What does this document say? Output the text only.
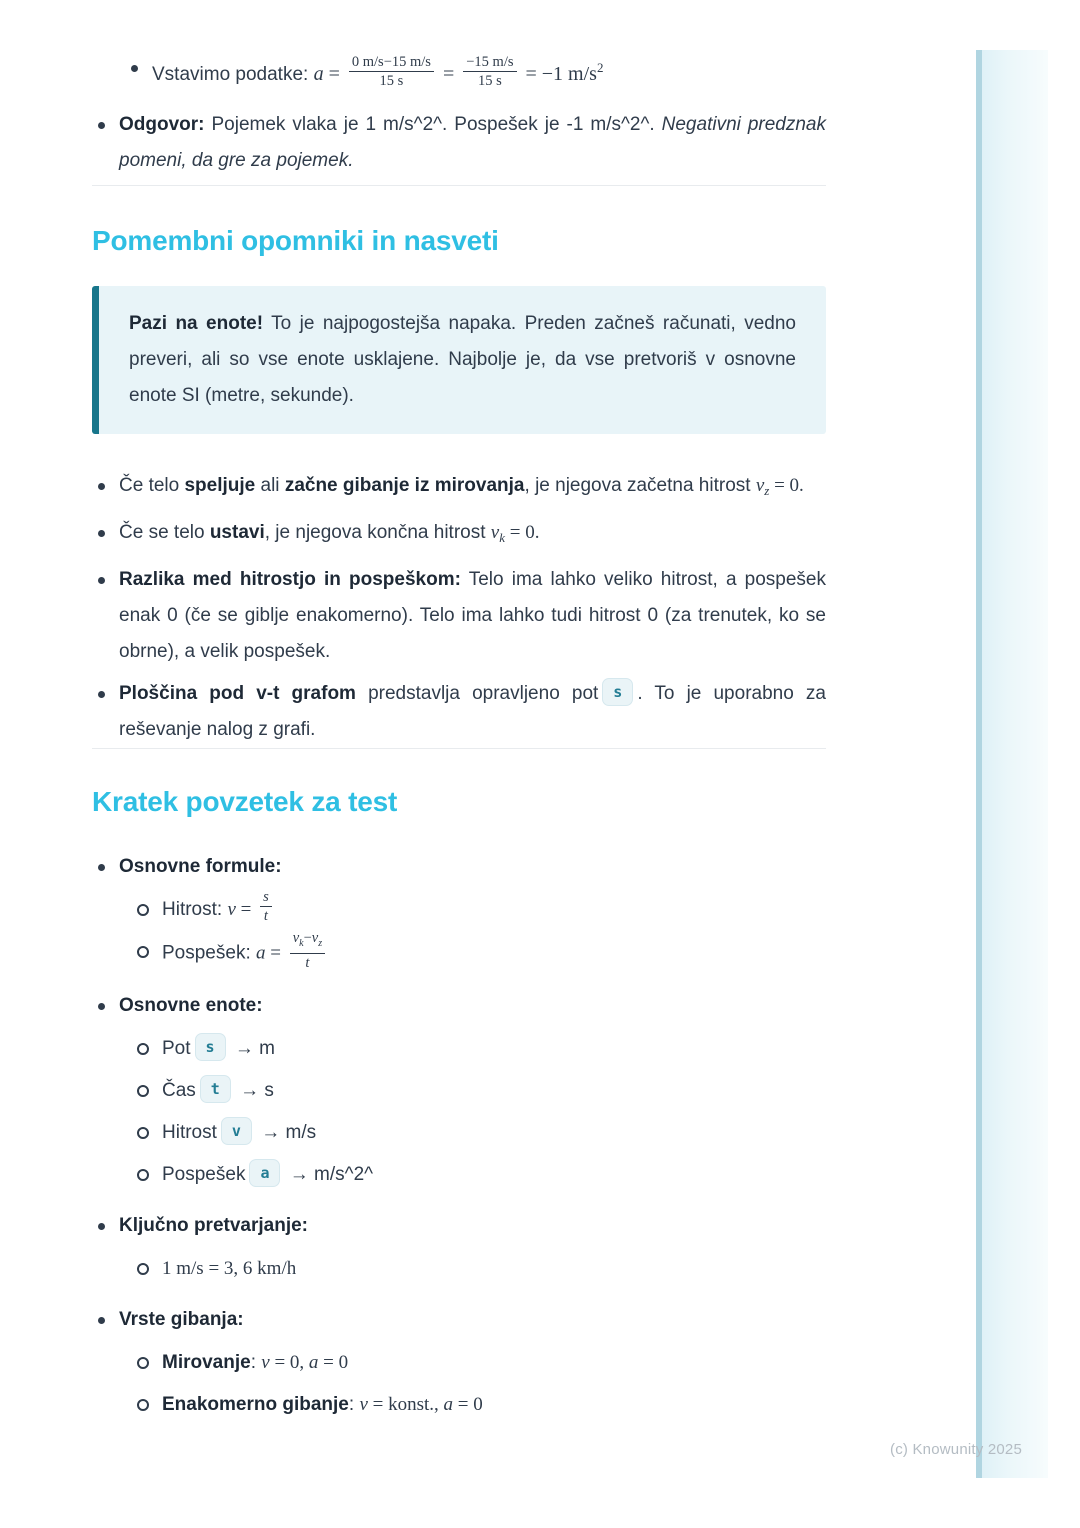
Vstavimo podatke: $a = \frac{0 m/s-15 m/s}{15 s} = \frac{-15 m/s}{15 s} = -1$ $m/s^2$
Odgovor: Pojemek vlaka je 1 m/s^2^. Pospešek je -1 m/s^2^. Negativni predznak pomeni, da gre za pojemek.
Pomembni opomniki in nasveti

Pazi na enote! To je najpogostejša napaka. Preden začneš računati, vedno preveri, ali so vse enote usklajene. Najbolje je, da vse pretvoriš v osnovne enote SI (metre, sekunde).

Če telo speljuje ali začne gibanje iz mirovanja, je njegova začetna hitrost $v_z = 0$.
Če se telo ustavi, je njegova končna hitrost $v_k = 0$.
Razlika med hitrostjo in pospeškom: Telo ima lahko veliko hitrost, a pospešek enak 0 (če se giblje enakomerno). Telo ima lahko tudi hitrost 0 (za trenutek, ko se obrne), a velik pospešek.
Ploščina pod v-t grafom predstavlja opravljeno pot s . To je uporabno za reševanje nalog z grafi.
Kratek povzetek za test
Osnovne formule:
Hitrost: $v = \frac{s}{t}$
Pospešek: $a = \frac{v_k-v_z}{t}$
Osnovne enote:
Pot s → m
Čas t → s
Hitrost v → m/s
Pospešek a → m/s^2^
Ključno pretvarjanje:
1 m/s = 3, 6 km/h
Vrste gibanja:
Mirovanje: v = 0, a = 0
Enakomerno gibanje: v = konst., a = 0
(c) Knowunity 2025
